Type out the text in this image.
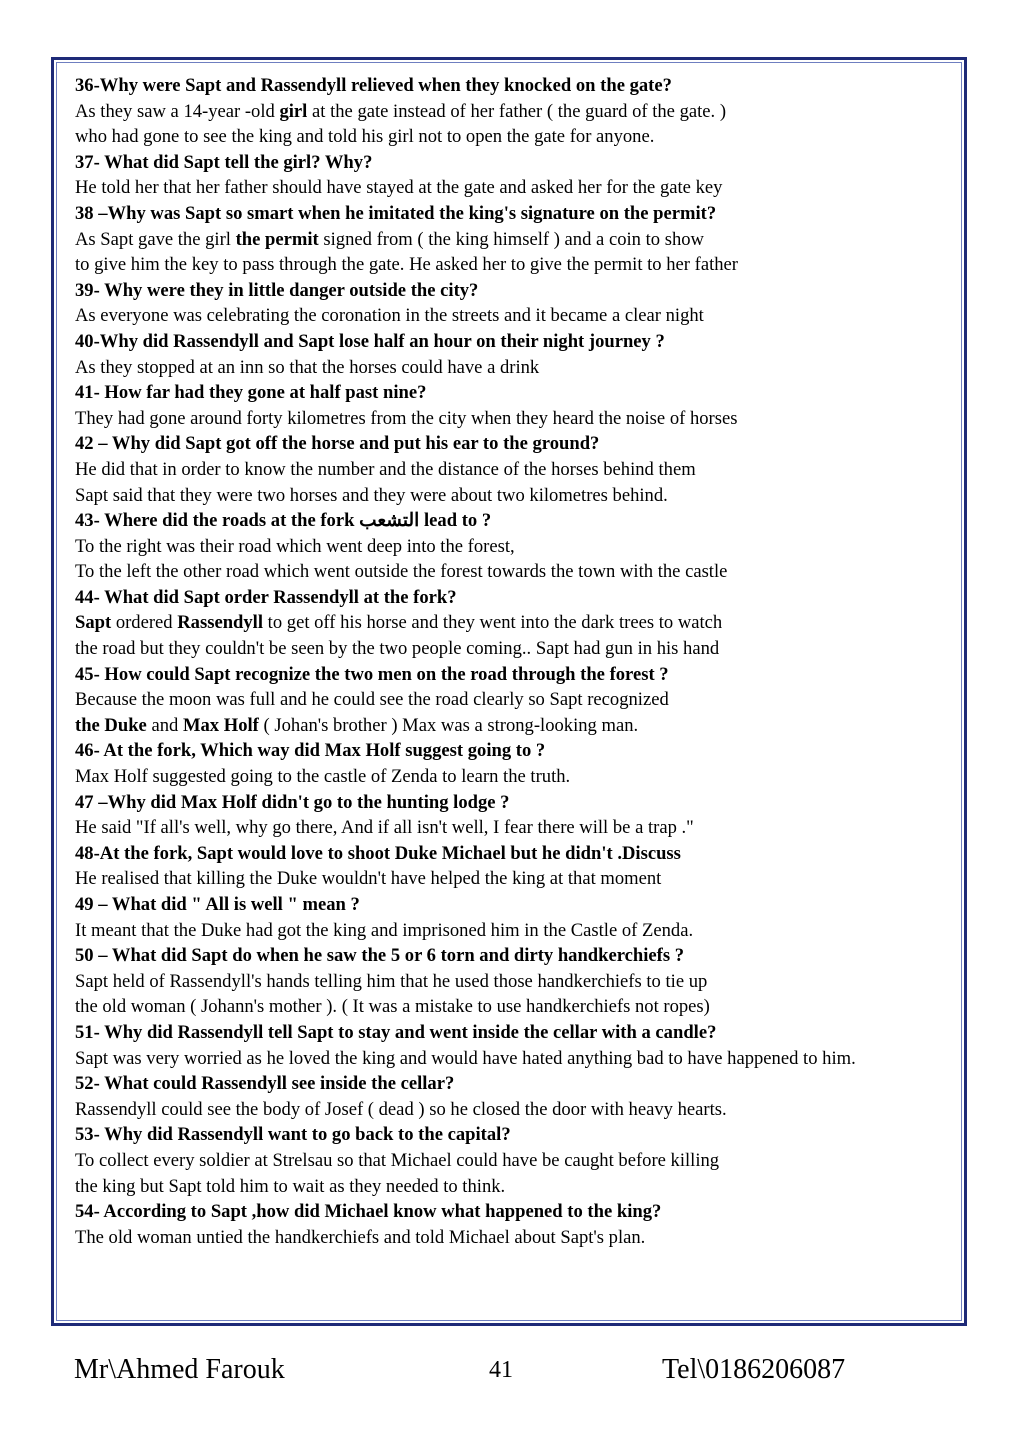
36-Why were Sapt and Rassendyll relieved when they knocked on the gate?

As they saw a 14-year -old girl at the gate instead of her father ( the guard of the gate. )

who had gone to see the king and told his girl not to open the gate for anyone.

37- What did Sapt tell the girl? Why?

He told her that her father should have stayed at the gate and asked her for the gate key

38 –Why was Sapt so smart when he imitated the king's signature on the permit?

As Sapt gave the girl the permit signed from ( the king himself ) and a coin to show

to give him the key to pass through the gate. He asked her to give the permit to her father

39- Why were they in little danger outside the city?

As everyone was celebrating the coronation in the streets and it became a clear night

40-Why did Rassendyll and Sapt lose half an hour on their night journey ?

As they stopped at an inn so that the horses could have a drink

41- How far had they gone at half past nine?

They had gone around forty kilometres from the city when they heard the noise of horses

42 – Why did Sapt got off the horse and put his ear to the ground?

He did that in order to know the number and the distance of the horses behind them

Sapt said that they were two horses and they were about two kilometres behind.

43- Where did the roads at the fork التشعب lead to ?

To the right was their road which went deep into the forest,

To the left the other road which went outside the forest towards the town with the castle

44- What did Sapt order Rassendyll at the fork?

Sapt ordered Rassendyll to get off his horse and they went into the dark trees to watch

the road but they couldn't be seen by the two people coming.. Sapt had gun in his hand

45- How could Sapt recognize the two men on the road through the forest ?

Because the moon was full and he could see the road clearly so Sapt recognized

the Duke and Max Holf ( Johan's brother ) Max was a strong-looking man.

46- At the fork, Which way did Max Holf suggest going to ?

Max Holf suggested going to the castle of Zenda to learn the truth.

47 –Why did Max Holf didn't go to the hunting lodge ?

He said "If all's well, why go there, And if all isn't well, I fear there will be a trap ."

48-At the fork, Sapt would love to shoot Duke Michael but he didn't .Discuss

He realised that killing the Duke wouldn't have helped the king at that moment

49 – What did " All is well " mean ?

It meant that the Duke had got the king and imprisoned him in the Castle of Zenda.

50 – What did Sapt do when he saw the 5 or 6 torn and dirty handkerchiefs ?

Sapt held of Rassendyll's hands telling him that he used those handkerchiefs to tie up

the old woman ( Johann's mother ). ( It was a mistake to use handkerchiefs not ropes)

51- Why did Rassendyll tell Sapt to stay and went inside the cellar with a candle?

Sapt was very worried as he loved the king and would have hated anything bad to have happened to him.

52- What could Rassendyll see inside the cellar?

Rassendyll could see the body of Josef ( dead ) so he closed the door with heavy hearts.

53- Why did Rassendyll want to go back to the capital?

To collect every soldier at Strelsau so that Michael could have be caught before killing

the king but Sapt told him to wait as they needed to think.

54- According to Sapt ,how did Michael know what happened to the king?

The old woman untied the handkerchiefs and told Michael about Sapt's plan.

Mr\Ahmed Farouk	41	Tel\0186206087
